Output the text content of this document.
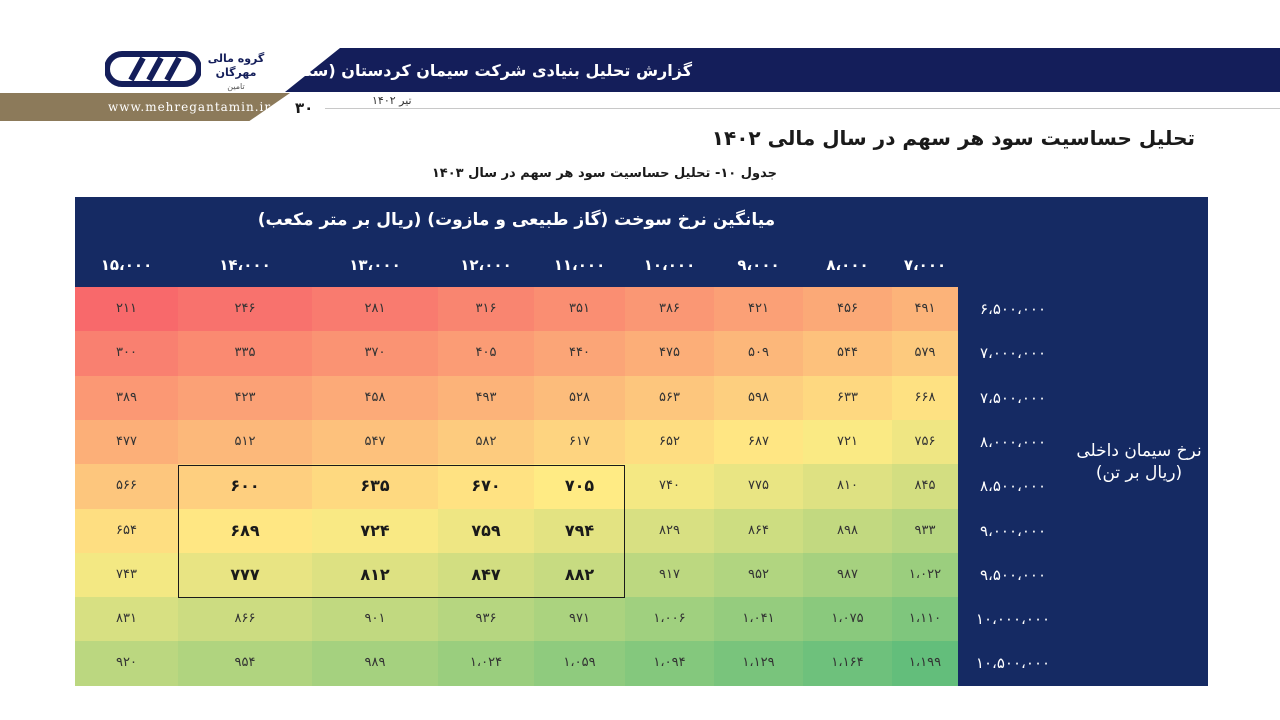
گزارش تحلیل بنیادی شرکت سیمان کردستان (سکرد)
www.mehregantamin.ir ۳۰	تیر ۱۴۰۲
گروه مالی
مهرگان
تامین
تحلیل حساسیت سود هر سهم در سال مالی ۱۴۰۲
جدول ۱۰- تحلیل حساسیت سود هر سهم در سال ۱۴۰۳
میانگین نرخ سوخت (گاز طبیعی و مازوت) (ریال بر متر مکعب)
نرخ سیمان داخلی
(ریال بر تن)
۱۵،۰۰۰	۱۴،۰۰۰	۱۳،۰۰۰	۱۲،۰۰۰	۱۱،۰۰۰	۱۰،۰۰۰	۹،۰۰۰	۸،۰۰۰	۷،۰۰۰
۶،۵۰۰،۰۰۰
۲۱۱	۲۴۶	۲۸۱	۳۱۶	۳۵۱	۳۸۶	۴۲۱	۴۵۶	۴۹۱
۷،۰۰۰،۰۰۰
۳۰۰	۳۳۵	۳۷۰	۴۰۵	۴۴۰	۴۷۵	۵۰۹	۵۴۴	۵۷۹
۷،۵۰۰،۰۰۰
۳۸۹	۴۲۳	۴۵۸	۴۹۳	۵۲۸	۵۶۳	۵۹۸	۶۳۳	۶۶۸
۸،۰۰۰،۰۰۰
۴۷۷	۵۱۲	۵۴۷	۵۸۲	۶۱۷	۶۵۲	۶۸۷	۷۲۱	۷۵۶
۸،۵۰۰،۰۰۰
۵۶۶	۶۰۰	۶۳۵	۶۷۰	۷۰۵	۷۴۰	۷۷۵	۸۱۰	۸۴۵
۹،۰۰۰،۰۰۰
۶۵۴	۶۸۹	۷۲۴	۷۵۹	۷۹۴	۸۲۹	۸۶۴	۸۹۸	۹۳۳
۹،۵۰۰،۰۰۰
۷۴۳	۷۷۷	۸۱۲	۸۴۷	۸۸۲	۹۱۷	۹۵۲	۹۸۷	۱،۰۲۲
۱۰،۰۰۰،۰۰۰
۸۳۱	۸۶۶	۹۰۱	۹۳۶	۹۷۱	۱،۰۰۶	۱،۰۴۱	۱،۰۷۵	۱،۱۱۰
۱۰،۵۰۰،۰۰۰
۹۲۰	۹۵۴	۹۸۹	۱،۰۲۴	۱،۰۵۹	۱،۰۹۴	۱،۱۲۹	۱،۱۶۴	۱،۱۹۹
